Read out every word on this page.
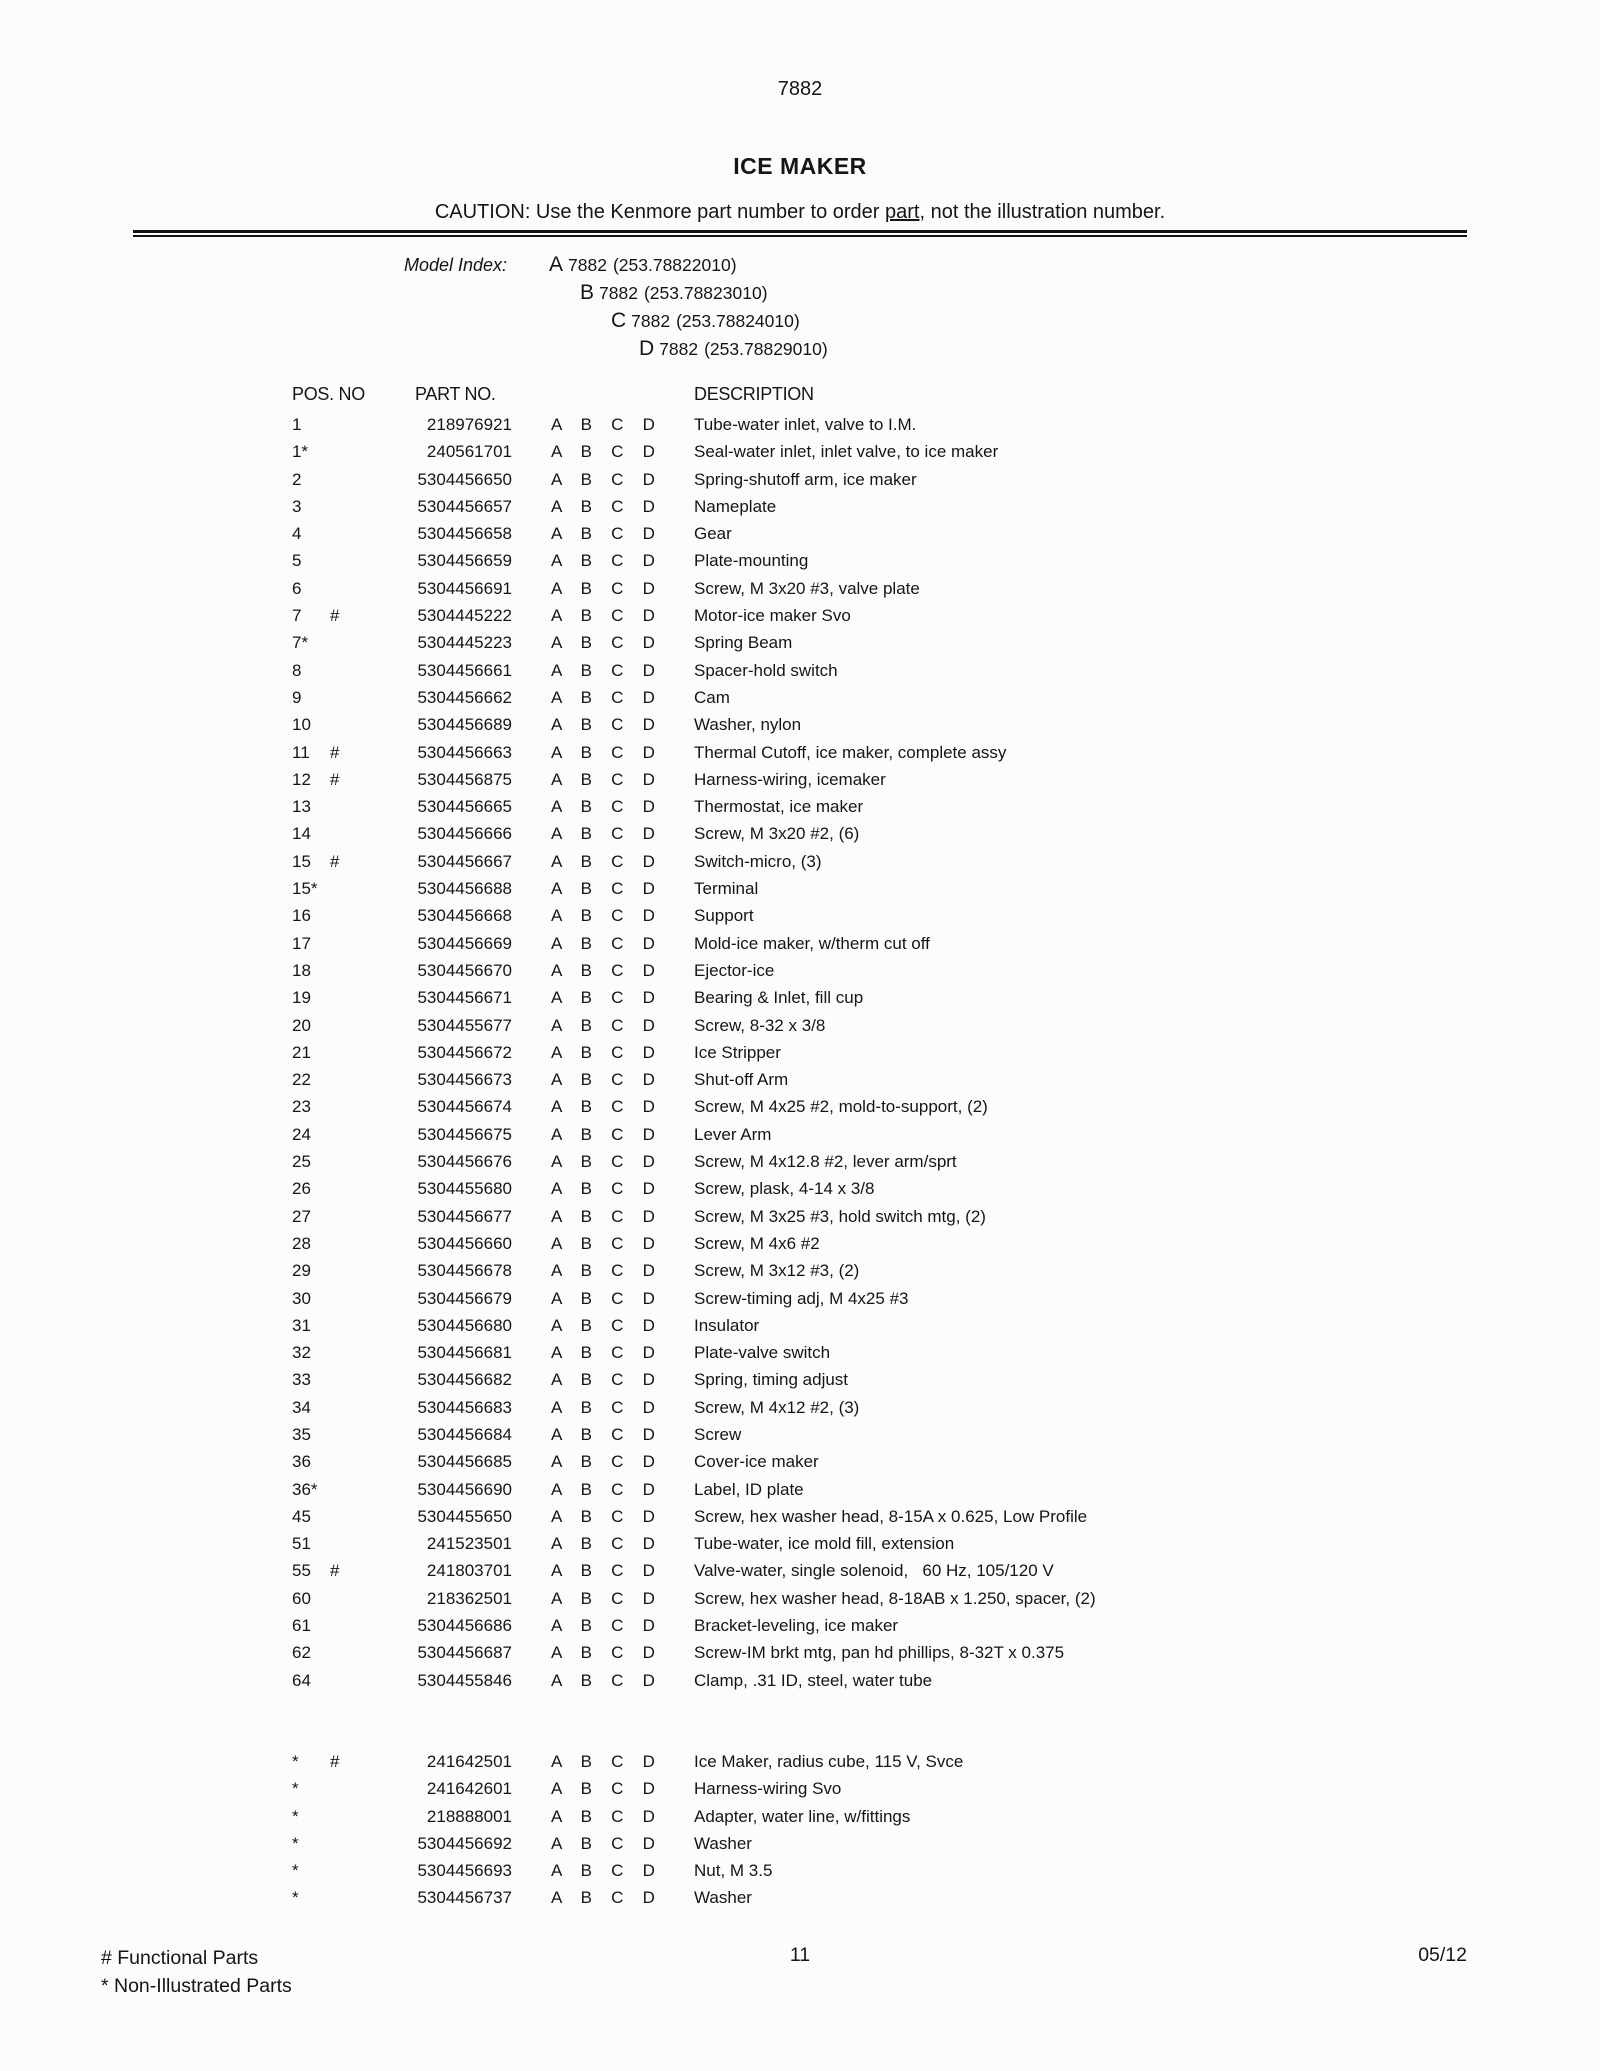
7882
ICE MAKER
CAUTION: Use the Kenmore part number to order part, not the illustration number.
Model Index:	A 7882 (253.78822010)
B 7882 (253.78823010)
C 7882 (253.78824010)
D 7882 (253.78829010)
POS. NO	PART NO.	DESCRIPTION
1	218976921 A B C D Tube-water inlet, valve to I.M.
1*	240561701 A B C D Seal-water inlet, inlet valve, to ice maker
2	5304456650 A B C D Spring-shutoff arm, ice maker
3	5304456657 A B C D Nameplate
4	5304456658 A B C D Gear
5	5304456659 A B C D Plate-mounting
6	5304456691 A B C D Screw, M 3x20 #3, valve plate
7 #	5304445222 A B C D Motor-ice maker Svo
7*	5304445223 A B C D Spring Beam
8	5304456661 A B C D Spacer-hold switch
9	5304456662 A B C D Cam
10	5304456689 A B C D Washer, nylon
11 #	5304456663 A B C D Thermal Cutoff, ice maker, complete assy
12 #	5304456875 A B C D Harness-wiring, icemaker
13	5304456665 A B C D Thermostat, ice maker
14	5304456666 A B C D Screw, M 3x20 #2, (6)
15 #	5304456667 A B C D Switch-micro, (3)
15*	5304456688 A B C D Terminal
16	5304456668 A B C D Support
17	5304456669 A B C D Mold-ice maker, w/therm cut off
18	5304456670 A B C D Ejector-ice
19	5304456671 A B C D Bearing & Inlet, fill cup
20	5304455677 A B C D Screw, 8-32 x 3/8
21	5304456672 A B C D Ice Stripper
22	5304456673 A B C D Shut-off Arm
23	5304456674 A B C D Screw, M 4x25 #2, mold-to-support, (2)
24	5304456675 A B C D Lever Arm
25	5304456676 A B C D Screw, M 4x12.8 #2, lever arm/sprt
26	5304455680 A B C D Screw, plask, 4-14 x 3/8
27	5304456677 A B C D Screw, M 3x25 #3, hold switch mtg, (2)
28	5304456660 A B C D Screw, M 4x6 #2
29	5304456678 A B C D Screw, M 3x12 #3, (2)
30	5304456679 A B C D Screw-timing adj, M 4x25 #3
31	5304456680 A B C D Insulator
32	5304456681 A B C D Plate-valve switch
33	5304456682 A B C D Spring, timing adjust
34	5304456683 A B C D Screw, M 4x12 #2, (3)
35	5304456684 A B C D Screw
36	5304456685 A B C D Cover-ice maker
36*	5304456690 A B C D Label, ID plate
45	5304455650 A B C D Screw, hex washer head, 8-15A x 0.625, Low Profile
51	241523501 A B C D Tube-water, ice mold fill, extension
55 #	241803701 A B C D Valve-water, single solenoid,   60 Hz, 105/120 V
60	218362501 A B C D Screw, hex washer head, 8-18AB x 1.250, spacer, (2)
61	5304456686 A B C D Bracket-leveling, ice maker
62	5304456687 A B C D Screw-IM brkt mtg, pan hd phillips, 8-32T x 0.375
64	5304455846 A B C D Clamp, .31 ID, steel, water tube
* #	241642501 A B C D Ice Maker, radius cube, 115 V, Svce
*	241642601 A B C D Harness-wiring Svo
*	218888001 A B C D Adapter, water line, w/fittings
*	5304456692 A B C D Washer
*	5304456693 A B C D Nut, M 3.5
*	5304456737 A B C D Washer
# Functional Parts
* Non-Illustrated Parts
11	05/12
